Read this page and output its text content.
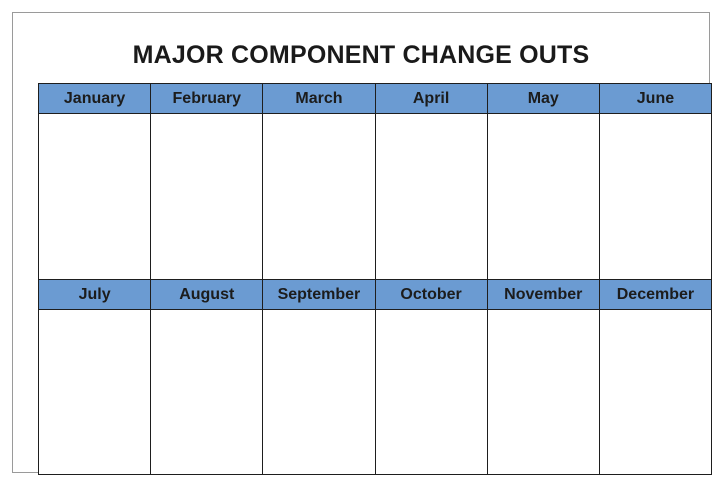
MAJOR COMPONENT CHANGE OUTS
January	February	March	April	May	June
July	August	September	October	November	December
